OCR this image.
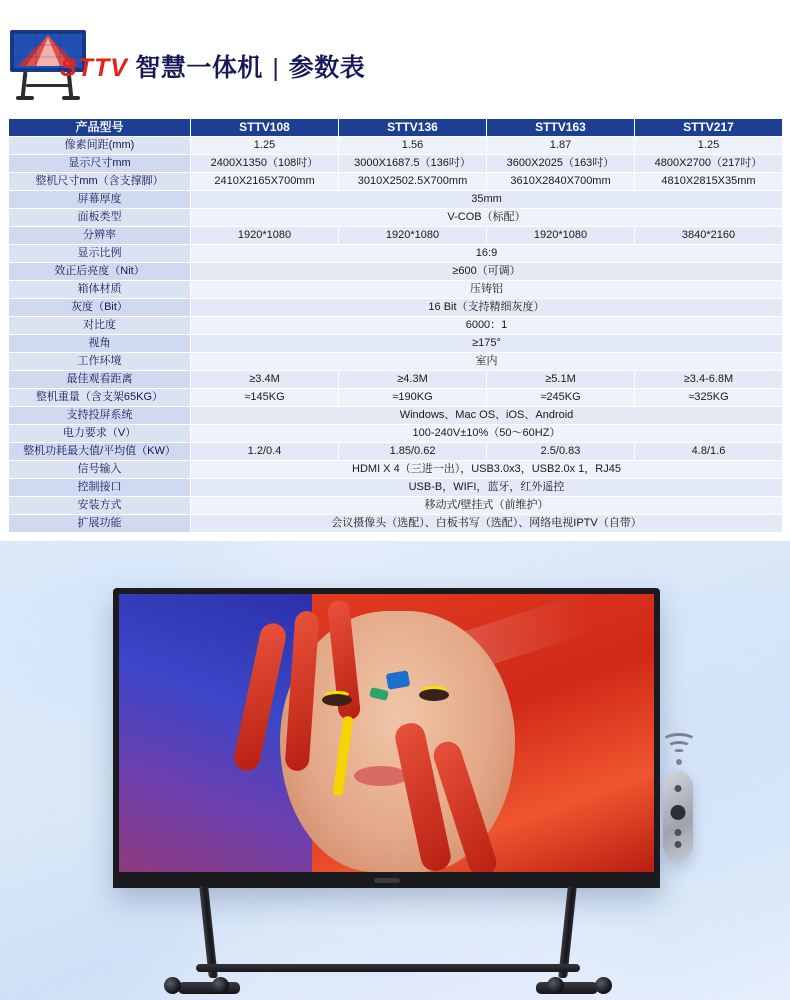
STTV 智慧一体机 | 参数表
产品型号	STTV108	STTV136	STTV163	STTV217
像素间距(mm)	1.25	1.56	1.87	1.25
显示尺寸mm	2400X1350（108吋）	3000X1687.5（136吋）	3600X2025（163吋）	4800X2700（217吋）
整机尺寸mm（含支撑脚）	2410X2165X700mm	3010X2502.5X700mm	3610X2840X700mm	4810X2815X35mm
屏幕厚度	35mm			
面板类型	V-COB（标配）			
分辨率	1920*1080	1920*1080	1920*1080	3840*2160
显示比例	16:9			
效正后亮度（Nit）	≥600（可调）			
箱体材质	压铸铝			
灰度（Bit）	16 Bit（支持精细灰度）			
对比度	6000：1			
视角	≥175°			
工作环境	室内			
最佳观看距离	≥3.4M	≥4.3M	≥5.1M	≥3.4-6.8M
整机重量（含支架65KG）	≈145KG	≈190KG	≈245KG	≈325KG
支持投屏系统	Windows、Mac OS、iOS、Android			
电力要求（V）	100-240V±10%（50～60HZ）			
整机功耗最大值/平均值（KW）	1.2/0.4	1.85/0.62	2.5/0.83	4.8/1.6
信号输入	HDMI X 4（三进一出），USB3.0x3，USB2.0x 1，RJ45			
控制接口	USB-B，WIFI，蓝牙，红外遥控			
安装方式	移动式/壁挂式（前维护）			
扩展功能	会议摄像头（选配）、白板书写（选配）、网络电视IPTV（自带）			
